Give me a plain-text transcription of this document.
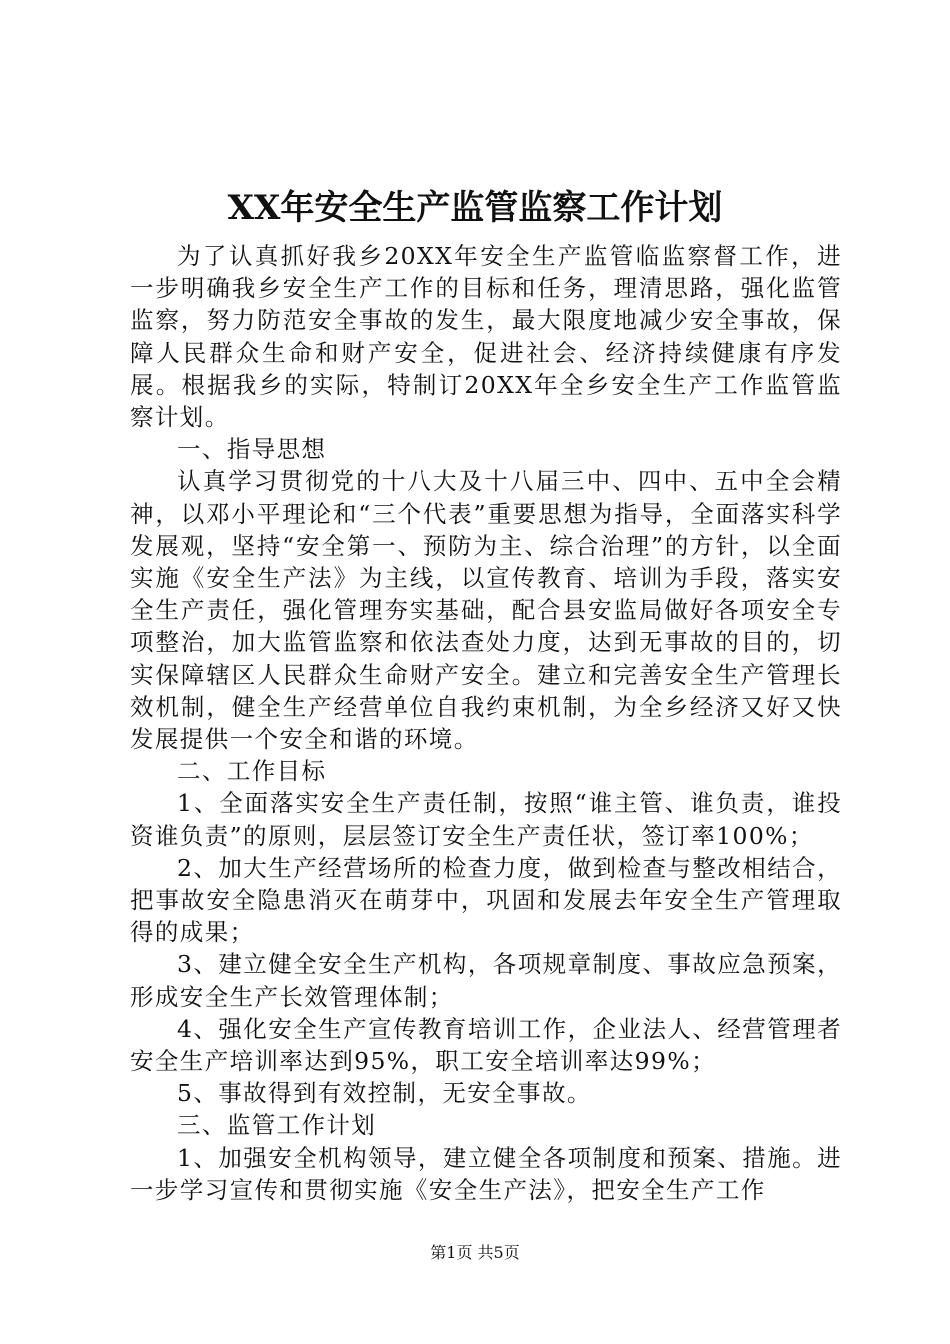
XX年安全生产监管监察工作计划

为了认真抓好我乡20XX年安全生产监管临监察督工作，进一步明确我乡安全生产工作的目标和任务，理清思路，强化监管监察，努力防范安全事故的发生，最大限度地减少安全事故，保障人民群众生命和财产安全，促进社会、经济持续健康有序发展。根据我乡的实际，特制订20XX年全乡安全生产工作监管监察计划。

一、指导思想

认真学习贯彻党的十八大及十八届三中、四中、五中全会精神，以邓小平理论和“三个代表”重要思想为指导，全面落实科学发展观，坚持“安全第一、预防为主、综合治理”的方针，以全面实施《安全生产法》为主线，以宣传教育、培训为手段，落实安全生产责任，强化管理夯实基础，配合县安监局做好各项安全专项整治，加大监管监察和依法查处力度，达到无事故的目的，切实保障辖区人民群众生命财产安全。建立和完善安全生产管理长效机制，健全生产经营单位自我约束机制，为全乡经济又好又快发展提供一个安全和谐的环境。

二、工作目标

1、全面落实安全生产责任制，按照“谁主管、谁负责，谁投资谁负责”的原则，层层签订安全生产责任状，签订率100%；

2、加大生产经营场所的检查力度，做到检查与整改相结合，把事故安全隐患消灭在萌芽中，巩固和发展去年安全生产管理取得的成果；

3、建立健全安全生产机构，各项规章制度、事故应急预案，形成安全生产长效管理体制；

4、强化安全生产宣传教育培训工作，企业法人、经营管理者安全生产培训率达到95%，职工安全培训率达99%；

5、事故得到有效控制，无安全事故。

三、监管工作计划

1、加强安全机构领导，建立健全各项制度和预案、措施。进一步学习宣传和贯彻实施《安全生产法》，把安全生产工作

第1页 共5页
